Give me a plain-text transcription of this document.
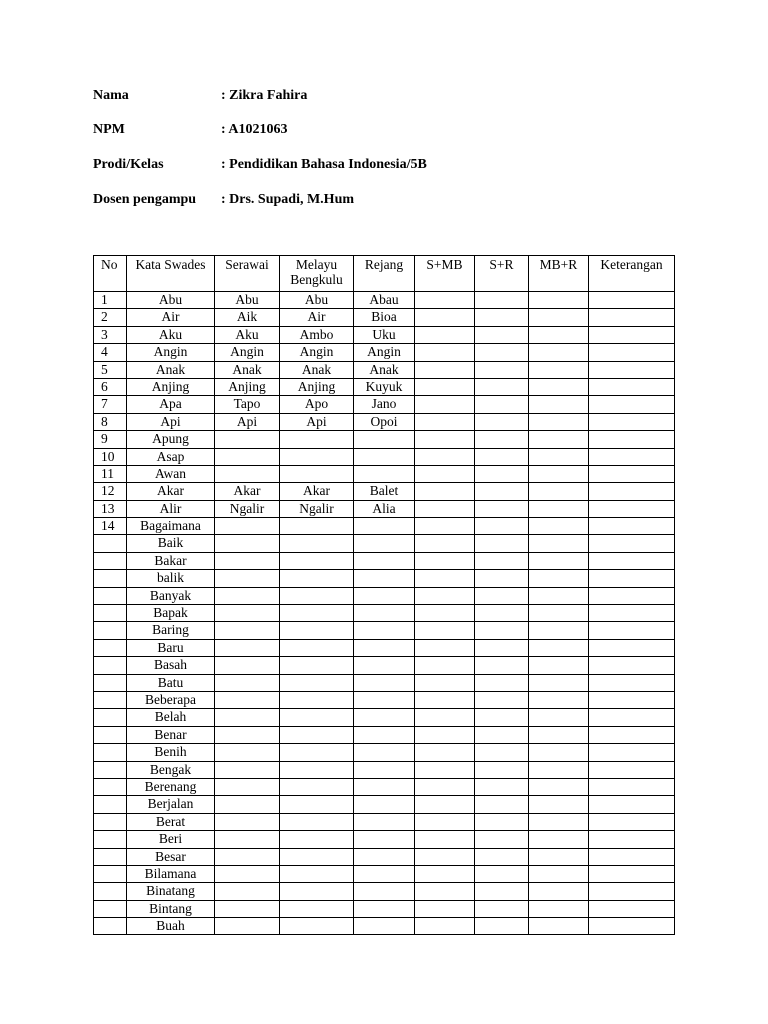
Nama	: Zikra Fahira
NPM	: A1021063
Prodi/Kelas	: Pendidikan Bahasa Indonesia/5B
Dosen pengampu : Drs. Supadi, M.Hum
No	Kata Swades	Serawai	Melayu Bengkulu	Rejang	S+MB	S+R	MB+R	Keterangan
1	Abu	Abu	Abu	Abau				
2	Air	Aik	Air	Bioa				
3	Aku	Aku	Ambo	Uku				
4	Angin	Angin	Angin	Angin				
5	Anak	Anak	Anak	Anak				
6	Anjing	Anjing	Anjing	Kuyuk				
7	Apa	Tapo	Apo	Jano				
8	Api	Api	Api	Opoi				
9	Apung							
10	Asap							
11	Awan							
12	Akar	Akar	Akar	Balet				
13	Alir	Ngalir	Ngalir	Alia				
14	Bagaimana							
	Baik							
	Bakar							
	balik							
	Banyak							
	Bapak							
	Baring							
	Baru							
	Basah							
	Batu							
	Beberapa							
	Belah							
	Benar							
	Benih							
	Bengak							
	Berenang							
	Berjalan							
	Berat							
	Beri							
	Besar							
	Bilamana							
	Binatang							
	Bintang							
	Buah							
